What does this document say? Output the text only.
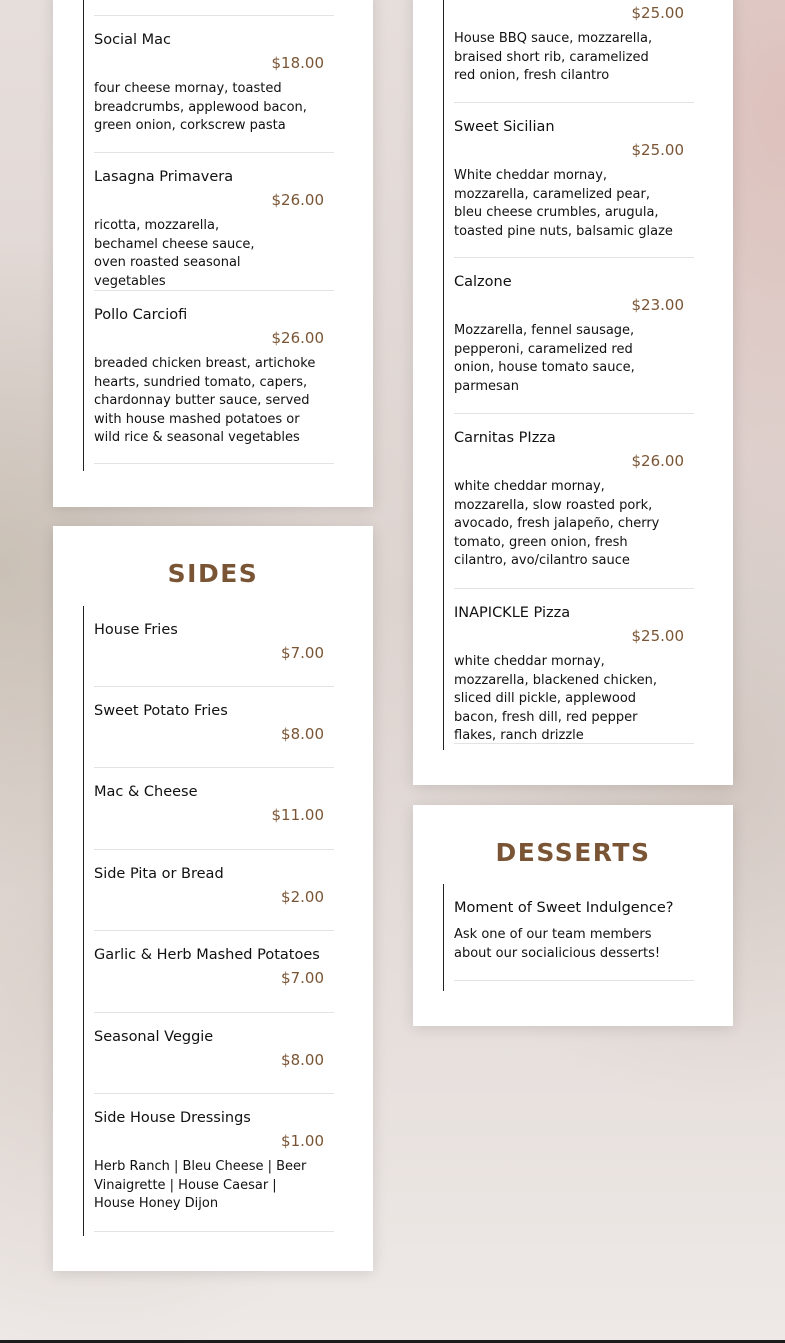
Social Mac
$18.00
four cheese mornay, toasted breadcrumbs, applewood bacon, green onion, corkscrew pasta
Lasagna Primavera
$26.00
ricotta, mozzarella, bechamel cheese sauce, oven roasted seasonal vegetables
Pollo Carciofi
$26.00
breaded chicken breast, artichoke hearts, sundried tomato, capers, chardonnay butter sauce, served with house mashed potatoes or wild rice & seasonal vegetables
SIDES
House Fries
$7.00
Sweet Potato Fries
$8.00
Mac & Cheese
$11.00
Side Pita or Bread
$2.00
Garlic & Herb Mashed Potatoes
$7.00
Seasonal Veggie
$8.00
Side House Dressings
$1.00
Herb Ranch | Bleu Cheese | Beer Vinaigrette | House Caesar | House Honey Dijon
$25.00
House BBQ sauce, mozzarella, braised short rib, caramelized red onion, fresh cilantro
Sweet Sicilian
$25.00
White cheddar mornay, mozzarella, caramelized pear, bleu cheese crumbles, arugula, toasted pine nuts, balsamic glaze
Calzone
$23.00
Mozzarella, fennel sausage, pepperoni, caramelized red onion, house tomato sauce, parmesan
Carnitas PIzza
$26.00
white cheddar mornay, mozzarella, slow roasted pork, avocado, fresh jalapeño, cherry tomato, green onion, fresh cilantro, avo/cilantro sauce
INAPICKLE Pizza
$25.00
white cheddar mornay, mozzarella, blackened chicken, sliced dill pickle, applewood bacon, fresh dill, red pepper flakes, ranch drizzle
DESSERTS
Moment of Sweet Indulgence?
Ask one of our team members about our socialicious desserts!
